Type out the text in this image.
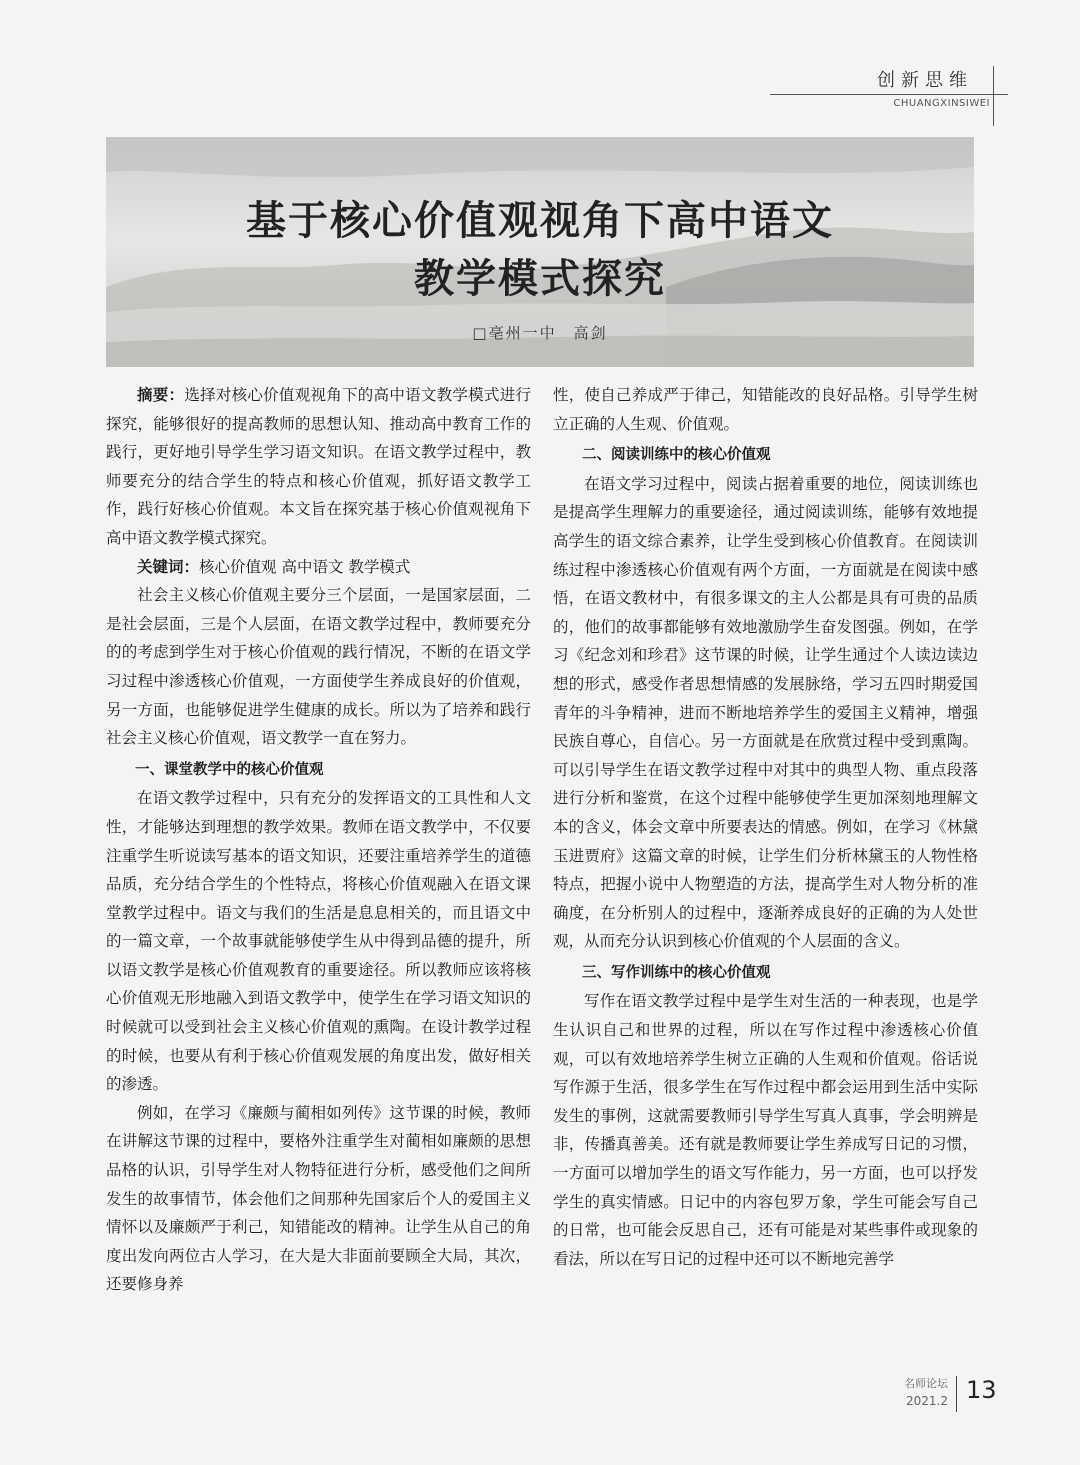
创新思维
CHUANGXINSIWEI
基于核心价值观视角下高中语文
教学模式探究
□亳州一中　高剑

摘要：选择对核心价值观视角下的高中语文教学模式进行探究，能够很好的提高教师的思想认知、推动高中教育工作的践行，更好地引导学生学习语文知识。在语文教学过程中，教师要充分的结合学生的特点和核心价值观，抓好语文教学工作，践行好核心价值观。本文旨在探究基于核心价值观视角下高中语文教学模式探究。

关键词：核心价值观 高中语文 教学模式

社会主义核心价值观主要分三个层面，一是国家层面，二是社会层面，三是个人层面，在语文教学过程中，教师要充分的的考虑到学生对于核心价值观的践行情况，不断的在语文学习过程中渗透核心价值观，一方面使学生养成良好的价值观，另一方面，也能够促进学生健康的成长。所以为了培养和践行社会主义核心价值观，语文教学一直在努力。

一、课堂教学中的核心价值观

在语文教学过程中，只有充分的发挥语文的工具性和人文性，才能够达到理想的教学效果。教师在语文教学中，不仅要注重学生听说读写基本的语文知识，还要注重培养学生的道德品质，充分结合学生的个性特点，将核心价值观融入在语文课堂教学过程中。语文与我们的生活是息息相关的，而且语文中的一篇文章，一个故事就能够使学生从中得到品德的提升，所以语文教学是核心价值观教育的重要途径。所以教师应该将核心价值观无形地融入到语文教学中，使学生在学习语文知识的时候就可以受到社会主义核心价值观的熏陶。在设计教学过程的时候，也要从有利于核心价值观发展的角度出发，做好相关的渗透。

例如，在学习《廉颇与蔺相如列传》这节课的时候，教师在讲解这节课的过程中，要格外注重学生对蔺相如廉颇的思想品格的认识，引导学生对人物特征进行分析，感受他们之间所发生的故事情节，体会他们之间那种先国家后个人的爱国主义情怀以及廉颇严于利己，知错能改的精神。让学生从自己的角度出发向两位古人学习，在大是大非面前要顾全大局，其次，还要修身养

性，使自己养成严于律己，知错能改的良好品格。引导学生树立正确的人生观、价值观。

二、阅读训练中的核心价值观

在语文学习过程中，阅读占据着重要的地位，阅读训练也是提高学生理解力的重要途径，通过阅读训练，能够有效地提高学生的语文综合素养，让学生受到核心价值教育。在阅读训练过程中渗透核心价值观有两个方面，一方面就是在阅读中感悟，在语文教材中，有很多课文的主人公都是具有可贵的品质的，他们的故事都能够有效地激励学生奋发图强。例如，在学习《纪念刘和珍君》这节课的时候，让学生通过个人读边读边想的形式，感受作者思想情感的发展脉络，学习五四时期爱国青年的斗争精神，进而不断地培养学生的爱国主义精神，增强民族自尊心，自信心。另一方面就是在欣赏过程中受到熏陶。可以引导学生在语文教学过程中对其中的典型人物、重点段落进行分析和鉴赏，在这个过程中能够使学生更加深刻地理解文本的含义，体会文章中所要表达的情感。例如，在学习《林黛玉进贾府》这篇文章的时候，让学生们分析林黛玉的人物性格特点，把握小说中人物塑造的方法，提高学生对人物分析的准确度，在分析别人的过程中，逐渐养成良好的正确的为人处世观，从而充分认识到核心价值观的个人层面的含义。

三、写作训练中的核心价值观

写作在语文教学过程中是学生对生活的一种表现，也是学生认识自己和世界的过程，所以在写作过程中渗透核心价值观，可以有效地培养学生树立正确的人生观和价值观。俗话说写作源于生活，很多学生在写作过程中都会运用到生活中实际发生的事例，这就需要教师引导学生写真人真事，学会明辨是非，传播真善美。还有就是教师要让学生养成写日记的习惯，一方面可以增加学生的语文写作能力，另一方面，也可以抒发学生的真实情感。日记中的内容包罗万象，学生可能会写自己的日常，也可能会反思自己，还有可能是对某些事件或现象的看法，所以在写日记的过程中还可以不断地完善学

名师论坛
2021.2 13
